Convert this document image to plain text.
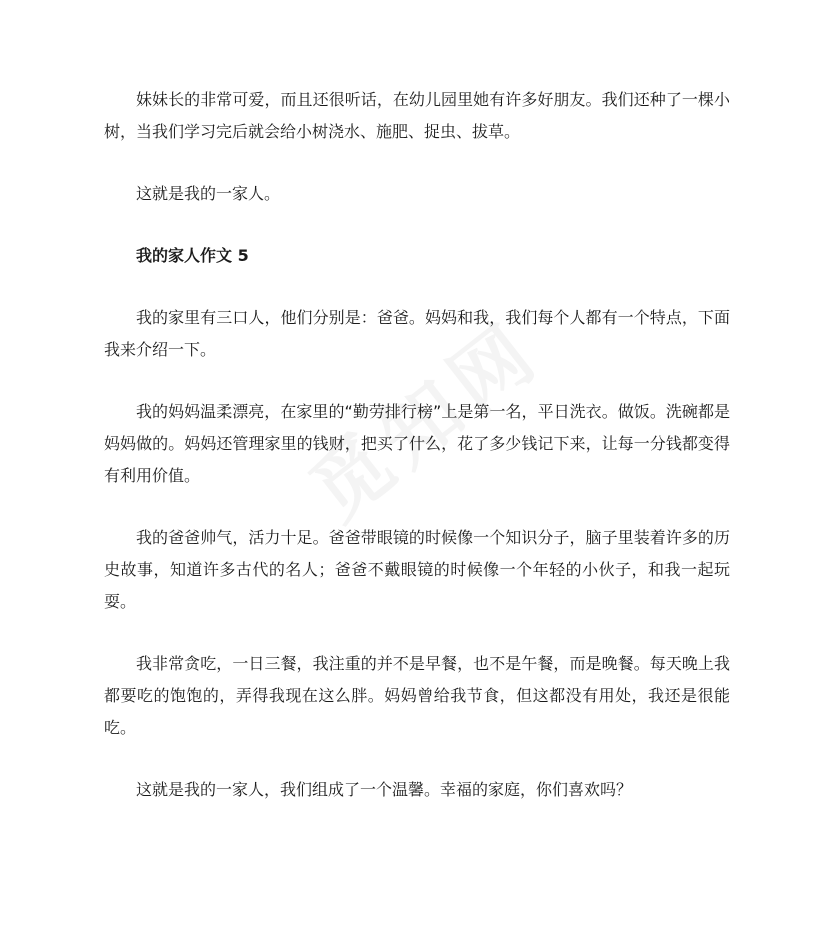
妹妹长的非常可爱，而且还很听话，在幼儿园里她有许多好朋友。我们还种了一棵小树，当我们学习完后就会给小树浇水、施肥、捉虫、拔草。

这就是我的一家人。

我的家人作文 5

我的家里有三口人，他们分别是：爸爸。妈妈和我，我们每个人都有一个特点，下面我来介绍一下。

我的妈妈温柔漂亮，在家里的“勤劳排行榜”上是第一名，平日洗衣。做饭。洗碗都是妈妈做的。妈妈还管理家里的钱财，把买了什么，花了多少钱记下来，让每一分钱都变得有利用价值。

我的爸爸帅气，活力十足。爸爸带眼镜的时候像一个知识分子，脑子里装着许多的历史故事，知道许多古代的名人；爸爸不戴眼镜的时候像一个年轻的小伙子，和我一起玩耍。

我非常贪吃，一日三餐，我注重的并不是早餐，也不是午餐，而是晚餐。每天晚上我都要吃的饱饱的，弄得我现在这么胖。妈妈曾给我节食，但这都没有用处，我还是很能吃。

这就是我的一家人，我们组成了一个温馨。幸福的家庭，你们喜欢吗？
